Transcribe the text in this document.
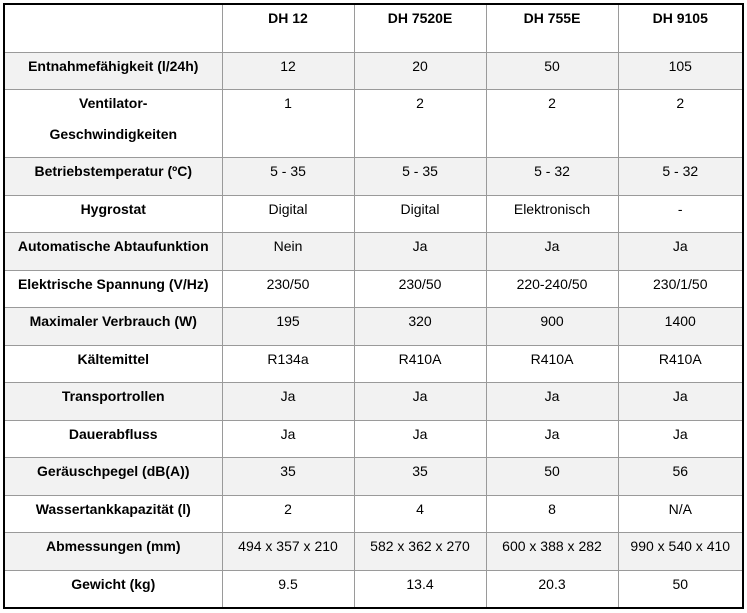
	DH 12	DH 7520E	DH 755E	DH 9105
Entnahmefähigkeit (l/24h)	12	20	50	105
Ventilator-
Geschwindigkeiten	1	2	2	2
Betriebstemperatur (ºC)	5 - 35	5 - 35	5 - 32	5 - 32
Hygrostat	Digital	Digital	Elektronisch	-
Automatische Abtaufunktion	Nein	Ja	Ja	Ja
Elektrische Spannung (V/Hz)	230/50	230/50	220-240/50	230/1/50
Maximaler Verbrauch (W)	195	320	900	1400
Kältemittel	R134a	R410A	R410A	R410A
Transportrollen	Ja	Ja	Ja	Ja
Dauerabfluss	Ja	Ja	Ja	Ja
Geräuschpegel (dB(A))	35	35	50	56
Wassertankkapazität (l)	2	4	8	N/A
Abmessungen (mm)	494 x 357 x 210	582 x 362 x 270	600 x 388 x 282	990 x 540 x 410
Gewicht (kg)	9.5	13.4	20.3	50
